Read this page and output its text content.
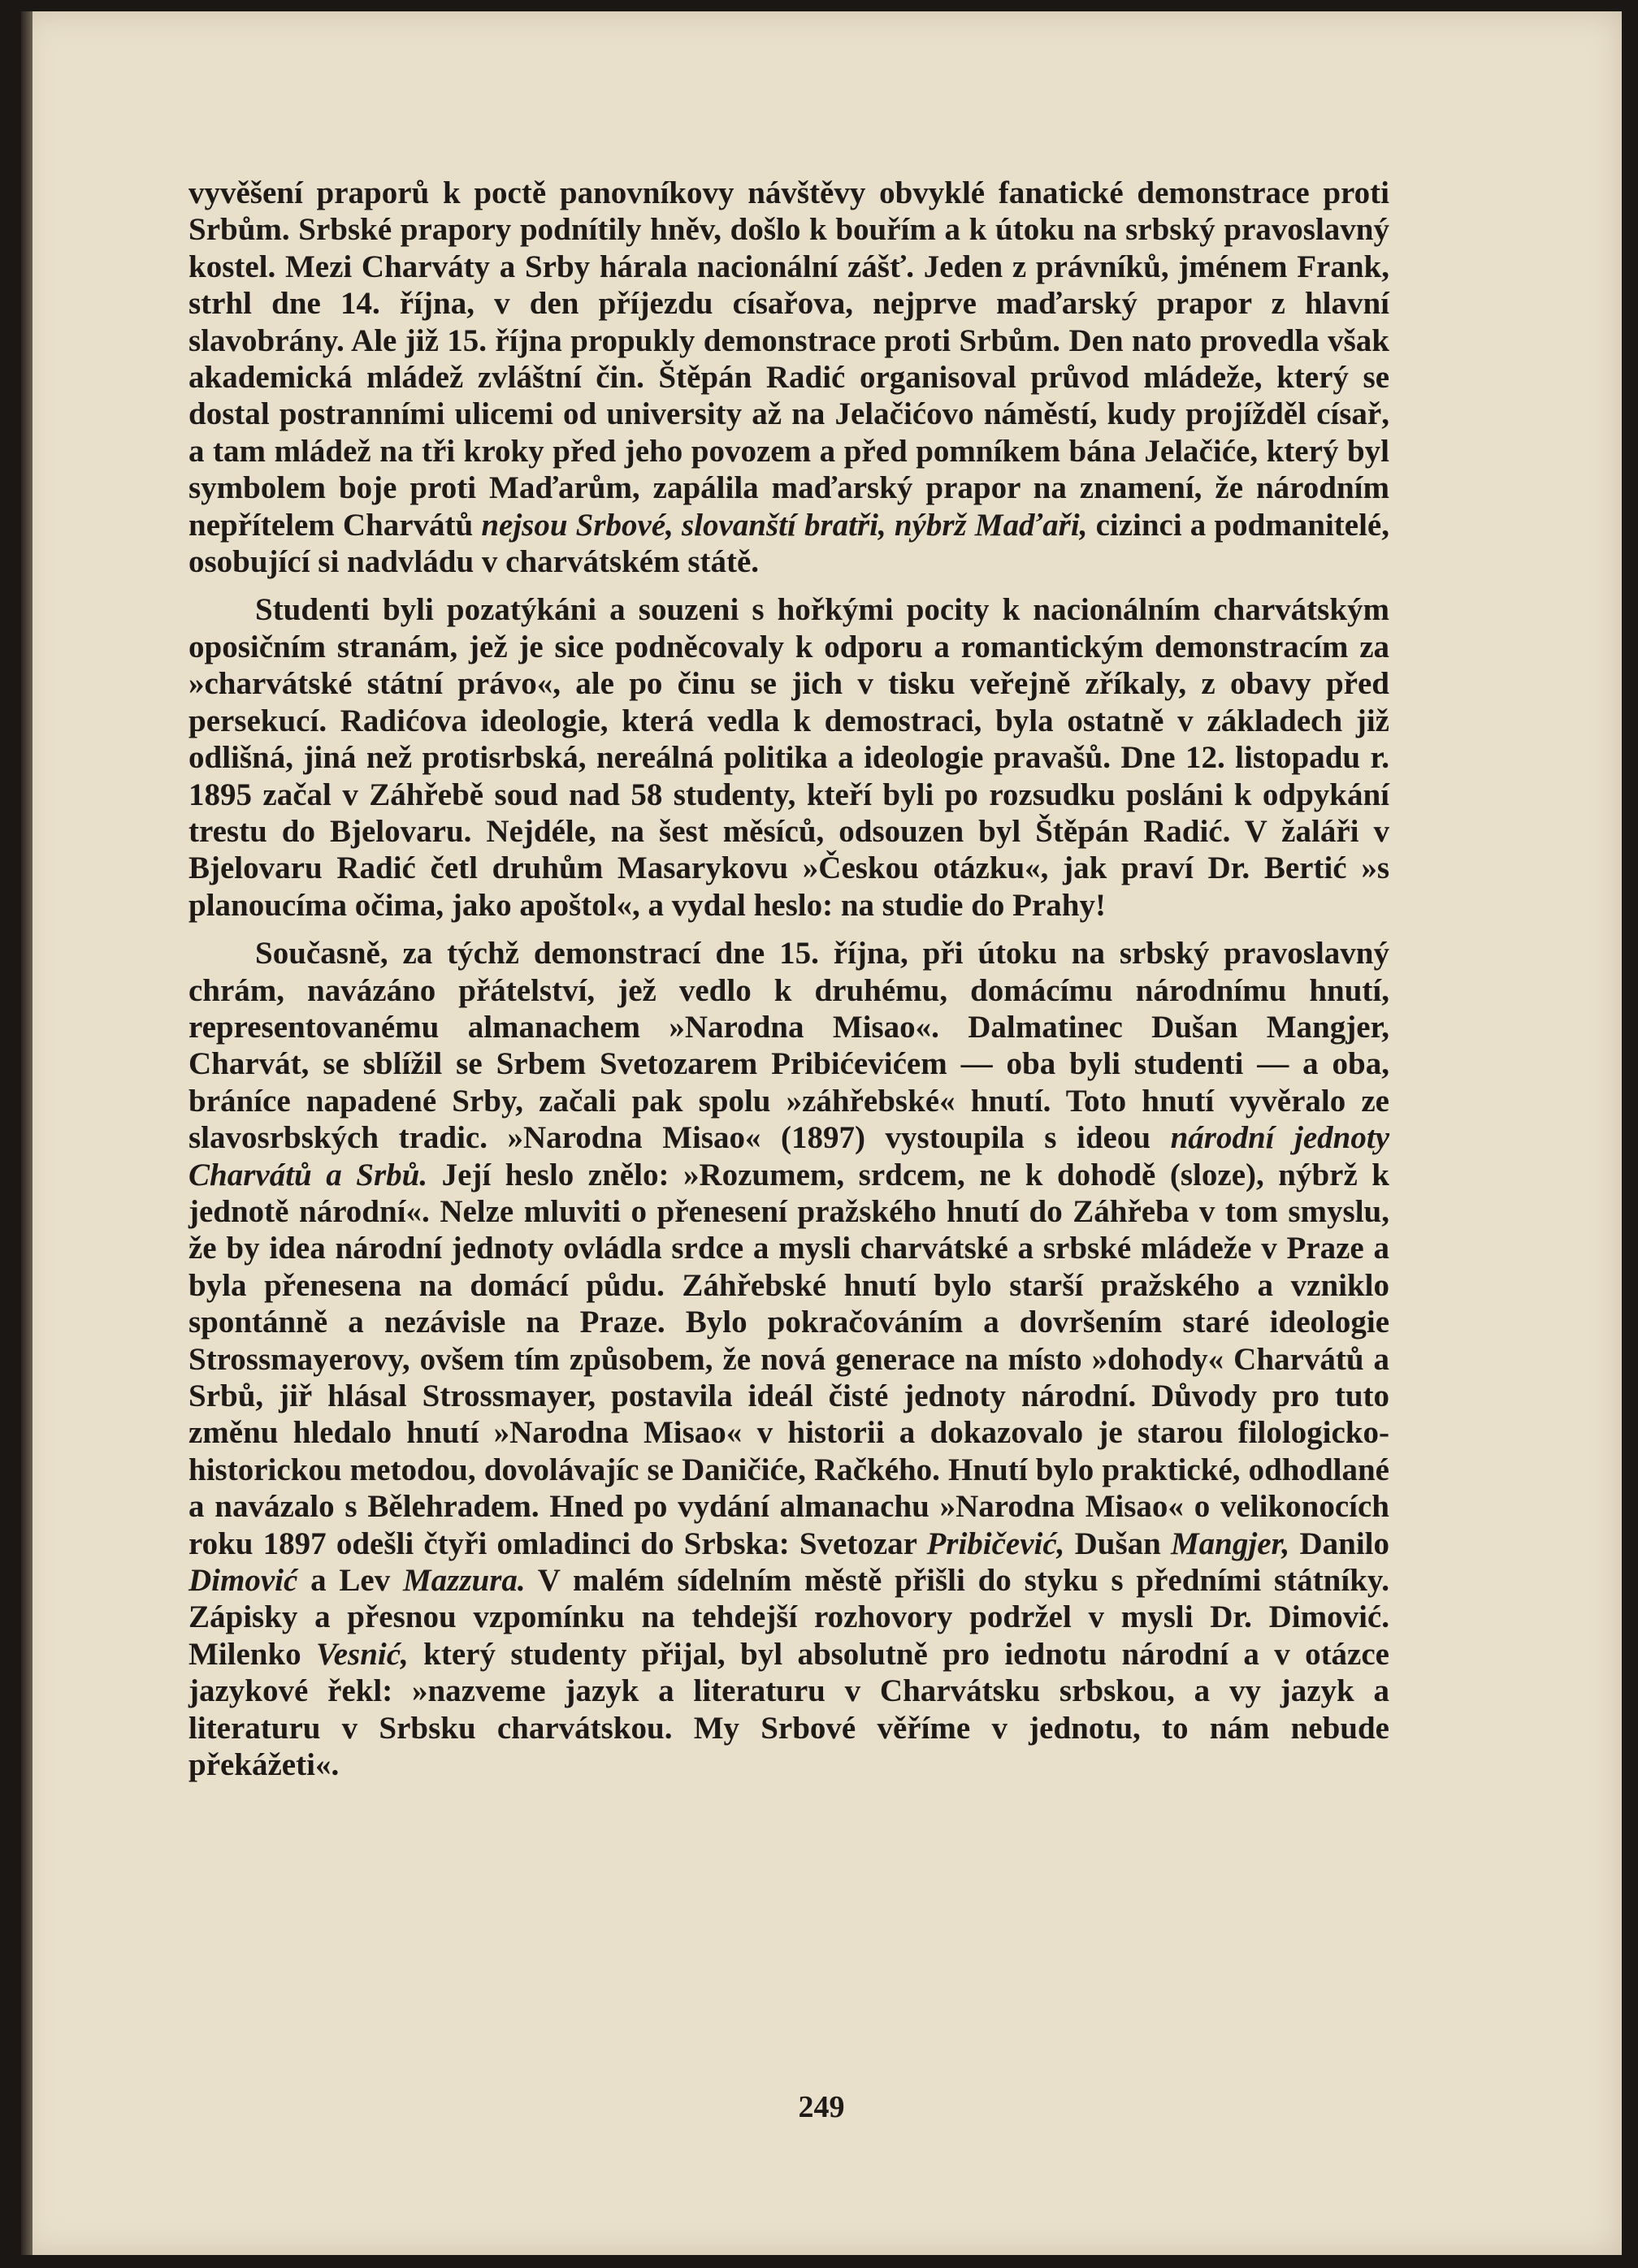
249

vyvěšení praporů k poctě panovníkovy návštěvy obvyklé fanatické demonstrace proti Srbům. Srbské prapory podnítily hněv, došlo k bouřím a k útoku na srbský pravoslavný kostel. Mezi Charváty a Srby hárala nacionální zášť. Jeden z právníků, jménem Frank, strhl dne 14. října, v den příjezdu císařova, nejprve maďarský prapor z hlavní slavobrány. Ale již 15. října propukly demonstrace proti Srbům. Den nato provedla však akademická mládež zvláštní čin. Štěpán Radić organisoval průvod mládeže, který se dostal postranními ulicemi od university až na Jelačićovo náměstí, kudy projížděl císař, a tam mládež na tři kroky před jeho povozem a před pomníkem bána Jelačiće, který byl symbolem boje proti Maďarům, zapálila maďarský prapor na znamení, že národním nepřítelem Charvátů nejsou Srbové, slovanští bratři, nýbrž Maďaři, cizinci a podmanitelé, osobující si nadvládu v charvátském státě.

Studenti byli pozatýkáni a souzeni s hořkými pocity k nacionálním charvátským oposičním stranám, jež je sice podněcovaly k odporu a romantickým demonstracím za »charvátské státní právo«, ale po činu se jich v tisku veřejně zříkaly, z obavy před persekucí. Radićova ideologie, která vedla k demostraci, byla ostatně v základech již odlišná, jiná než protisrbská, nereálná politika a ideologie pravašů. Dne 12. listopadu r. 1895 začal v Záhřebě soud nad 58 studenty, kteří byli po rozsudku posláni k odpykání trestu do Bjelovaru. Nejdéle, na šest měsíců, odsouzen byl Štěpán Radić. V žaláři v Bjelovaru Radić četl druhům Masarykovu »Českou otázku«, jak praví Dr. Bertić »s planoucíma očima, jako apoštol«, a vydal heslo: na studie do Prahy!

Současně, za týchž demonstrací dne 15. října, při útoku na srbský pravoslavný chrám, navázáno přátelství, jež vedlo k druhému, domácímu národnímu hnutí, representovanému almanachem »Narodna Misao«. Dalmatinec Dušan Mangjer, Charvát, se sblížil se Srbem Svetozarem Pribićevićem — oba byli studenti — a oba, bráníce napadené Srby, začali pak spolu »záhřebské« hnutí. Toto hnutí vyvěralo ze slavosrbských tradic. »Narodna Misao« (1897) vystoupila s ideou národní jednoty Charvátů a Srbů. Její heslo znělo: »Rozumem, srdcem, ne k dohodě (sloze), nýbrž k jednotě národní«. Nelze mluviti o přenesení pražského hnutí do Záhřeba v tom smyslu, že by idea národní jednoty ovládla srdce a mysli charvátské a srbské mládeže v Praze a byla přenesena na domácí půdu. Záhřebské hnutí bylo starší pražského a vzniklo spontánně a nezávisle na Praze. Bylo pokračováním a dovršením staré ideologie Strossmayerovy, ovšem tím způsobem, že nová generace na místo »dohody« Charvátů a Srbů, jiř hlásal Strossmayer, postavila ideál čisté jednoty národní. Důvody pro tuto změnu hledalo hnutí »Narodna Misao« v historii a dokazovalo je starou filologicko-historickou metodou, dovolávajíc se Daničiće, Račkého. Hnutí bylo praktické, odhodlané a navázalo s Bělehradem. Hned po vydání almanachu »Narodna Misao« o velikonocích roku 1897 odešli čtyři omladinci do Srbska: Svetozar Pribičević, Dušan Mangjer, Danilo Dimović a Lev Mazzura. V malém sídelním městě přišli do styku s předními státníky. Zápisky a přesnou vzpomínku na tehdejší rozhovory podržel v mysli Dr. Dimović. Milenko Vesnić, který studenty přijal, byl absolutně pro iednotu národní a v otázce jazykové řekl: »nazveme jazyk a literaturu v Charvátsku srbskou, a vy jazyk a literaturu v Srbsku charvátskou. My Srbové věříme v jednotu, to nám nebude překážeti«.
